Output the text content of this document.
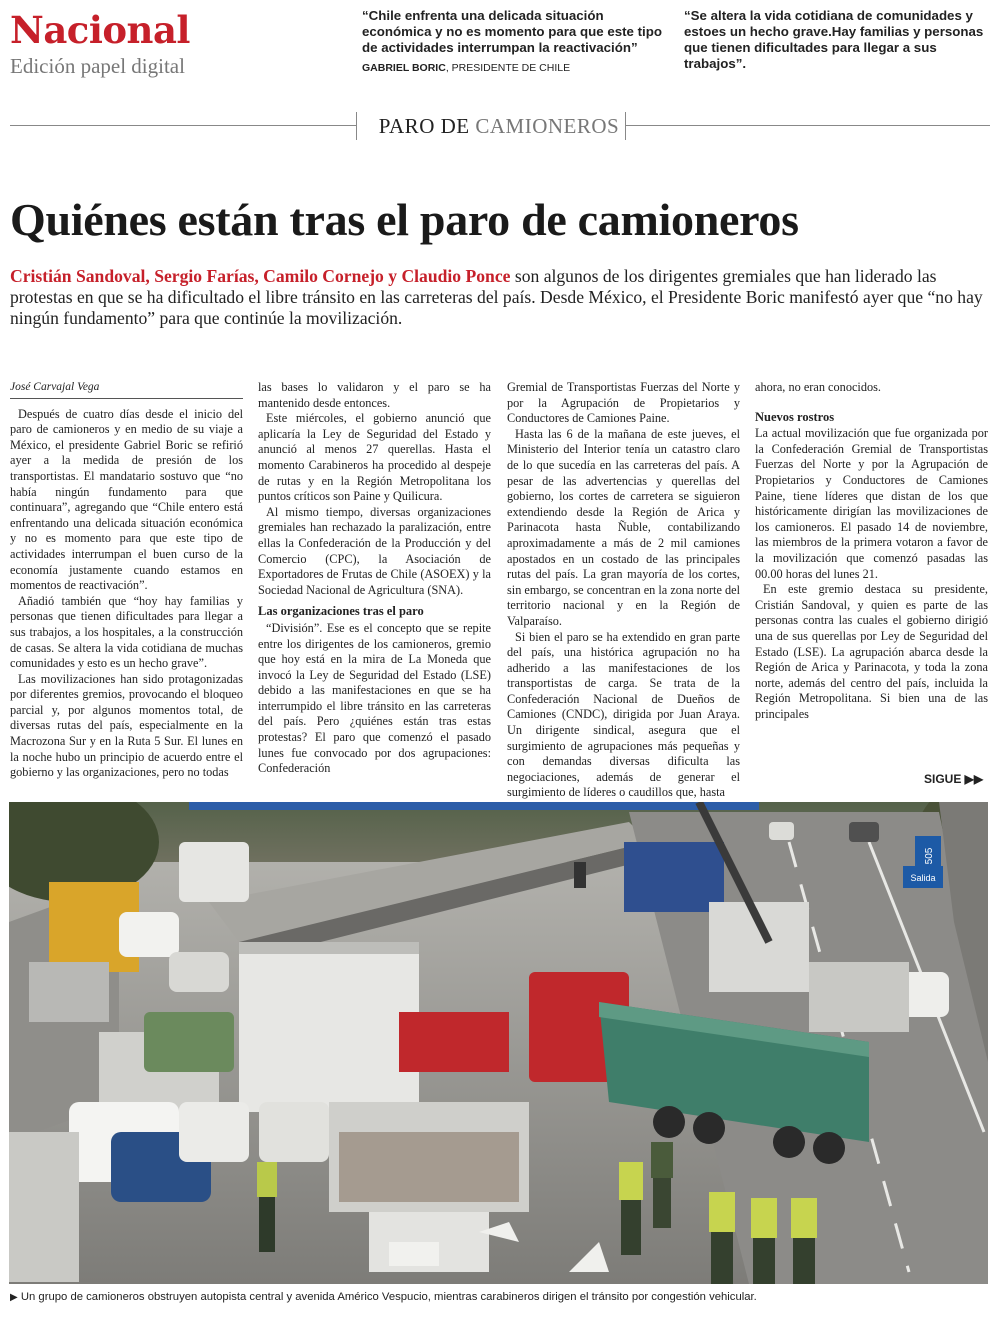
Nacional
Edición papel digital
“Chile enfrenta una delicada situación económica y no es momento para que este tipo de actividades interrumpan la reactivación”
GABRIEL BORIC, PRESIDENTE DE CHILE
“Se altera la vida cotidiana de comunidades y estoes un hecho grave.Hay familias y personas que tienen dificultades para llegar a sus trabajos”.
PARO DE CAMIONEROS
Quiénes están tras el paro de camioneros
Cristián Sandoval, Sergio Farías, Camilo Cornejo y Claudio Ponce son algunos de los dirigentes gremiales que han liderado las protestas en que se ha dificultado el libre tránsito en las carreteras del país. Desde México, el Presidente Boric manifestó ayer que “no hay ningún fundamento” para que continúe la movilización.

José Carvajal Vega

Después de cuatro días desde el inicio del paro de camioneros y en medio de su viaje a México, el presidente Gabriel Boric se refirió ayer a la medida de presión de los transportistas. El mandatario sostuvo que “no había ningún fundamento para que continuara”, agregando que “Chile entero está enfrentando una delicada situación económica y no es momento para que este tipo de actividades interrumpan el buen curso de la economía justamente cuando estamos en momentos de reactivación”.

Añadió también que “hoy hay familias y personas que tienen dificultades para llegar a sus trabajos, a los hospitales, a la construcción de casas. Se altera la vida cotidiana de muchas comunidades y esto es un hecho grave”.

Las movilizaciones han sido protagonizadas por diferentes gremios, provocando el bloqueo parcial y, por algunos momentos total, de diversas rutas del país, especialmente en la Macrozona Sur y en la Ruta 5 Sur. El lunes en la noche hubo un principio de acuerdo entre el gobierno y las organizaciones, pero no todas

las bases lo validaron y el paro se ha mantenido desde entonces.

Este miércoles, el gobierno anunció que aplicaría la Ley de Seguridad del Estado y anunció al menos 27 querellas. Hasta el momento Carabineros ha procedido al despeje de rutas y en la Región Metropolitana los puntos críticos son Paine y Quilicura.

Al mismo tiempo, diversas organizaciones gremiales han rechazado la paralización, entre ellas la Confederación de la Producción y del Comercio (CPC), la Asociación de Exportadores de Frutas de Chile (ASOEX) y la Sociedad Nacional de Agricultura (SNA).

Las organizaciones tras el paro

“División”. Ese es el concepto que se repite entre los dirigentes de los camioneros, gremio que hoy está en la mira de La Moneda que invocó la Ley de Seguridad del Estado (LSE) debido a las manifestaciones en que se ha interrumpido el libre tránsito en las carreteras del país. Pero ¿quiénes están tras estas protestas? El paro que comenzó el pasado lunes fue convocado por dos agrupaciones: Confederación

Gremial de Transportistas Fuerzas del Norte y por la Agrupación de Propietarios y Conductores de Camiones Paine.

Hasta las 6 de la mañana de este jueves, el Ministerio del Interior tenía un catastro claro de lo que sucedía en las carreteras del país. A pesar de las advertencias y querellas del gobierno, los cortes de carretera se siguieron extendiendo desde la Región de Arica y Parinacota hasta Ñuble, contabilizando aproximadamente a más de 2 mil camiones apostados en un costado de las principales rutas del país. La gran mayoría de los cortes, sin embargo, se concentran en la zona norte del territorio nacional y en la Región de Valparaíso.

Si bien el paro se ha extendido en gran parte del país, una histórica agrupación no ha adherido a las manifestaciones de los transportistas de carga. Se trata de la Confederación Nacional de Dueños de Camiones (CNDC), dirigida por Juan Araya. Un dirigente sindical, asegura que el surgimiento de agrupaciones más pequeñas y con demandas diversas dificulta las negociaciones, además de generar el surgimiento de líderes o caudillos que, hasta

ahora, no eran conocidos.

Nuevos rostros

La actual movilización que fue organizada por la Confederación Gremial de Transportistas Fuerzas del Norte y por la Agrupación de Propietarios y Conductores de Camiones Paine, tiene líderes que distan de los que históricamente dirigían las movilizaciones de los camioneros. El pasado 14 de noviembre, las miembros de la primera votaron a favor de la movilización que comenzó pasadas las 00.00 horas del lunes 21.

En este gremio destaca su presidente, Cristián Sandoval, y quien es parte de las personas contra las cuales el gobierno dirigió una de sus querellas por Ley de Seguridad del Estado (LSE). La agrupación abarca desde la Región de Arica y Parinacota, y toda la zona norte, además del centro del país, incluida la Región Metropolitana. Si bien una de las principales

SIGUE ▶▶
505
Salida
▶ Un grupo de camioneros obstruyen autopista central y avenida Américo Vespucio, mientras carabineros dirigen el tránsito por congestión vehicular.
